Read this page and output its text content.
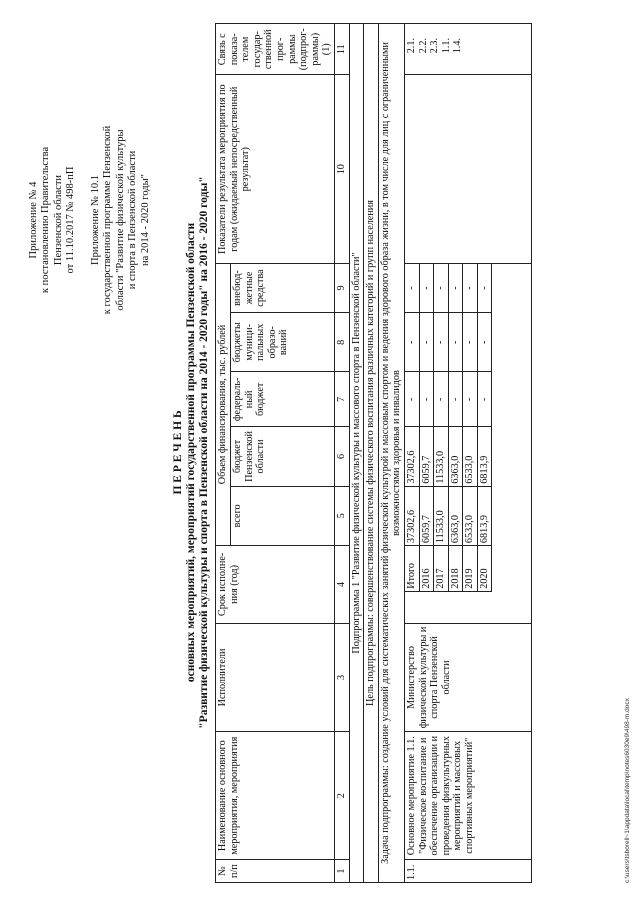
Приложение № 4 к постановлению Правительства Пензенской области от 11.10.2017 № 498-пП Приложение № 10.1 к государственной программе Пензенской области "Развитие физической культуры и спорта в Пензенской области на 2014 - 2020 годы"
П Е Р Е Ч Е Н Ь основных мероприятий, мероприятий государственной программы Пензенской области "Развитие физической культуры и спорта в Пензенской области на 2014 - 2020 годы" на 2016 - 2020 годы"
№ п/п	Наименование основного мероприятия, мероприятия	Исполнители	Срок исполне- ния (год)		Объем финансирования, тыс. рублей					Показатели результата мероприятия по годам (ожидаемый непосредственный результат)	Связь с показа- телем государ- ственной прог- раммы (подпрог- раммы) (1)
					всего	бюджет Пензенской области	федераль- ный бюджет	бюджеты муници- пальных образо- ваний	внебюд- жетные средства		
1	2	3	4		5	6	7	8	9	10	11
Подпрограмма 1 "Развитие физической культуры и массового спорта в Пензенской области"											
Цель подпрограммы: совершенствование системы физического воспитания различных категорий и групп населения											
Задача подпрограммы: создание условий для систематических занятий физической культурой и массовым спортом и ведения здорового образа жизни, в том числе для лиц с ограниченными возможностями здоровья и инвалидов											
1.1.	Основное мероприятие 1.1. "Физическое воспитание и обеспечение организации и проведения физкультурных мероприятий и массовых спортивных мероприятий"	Министерство физической культуры и спорта Пензенской области		Итого	37302,6	37302,6	-	-	-		2.1. 2.2. 2.3. 1.1. 1.4.

				2016	6059,7	6059,7	-	-	-		
				2017	11533,0	11533,0	-	-	-		
				2018	6363,0	6363,0	-	-	-		
				2019	6533,0	6533,0	-	-	-		
				2020	6813,9	6813,9	-	-	-		

c:\users\tsborell~1\appdata\local\temp\notes6030e9\498-m.docx
